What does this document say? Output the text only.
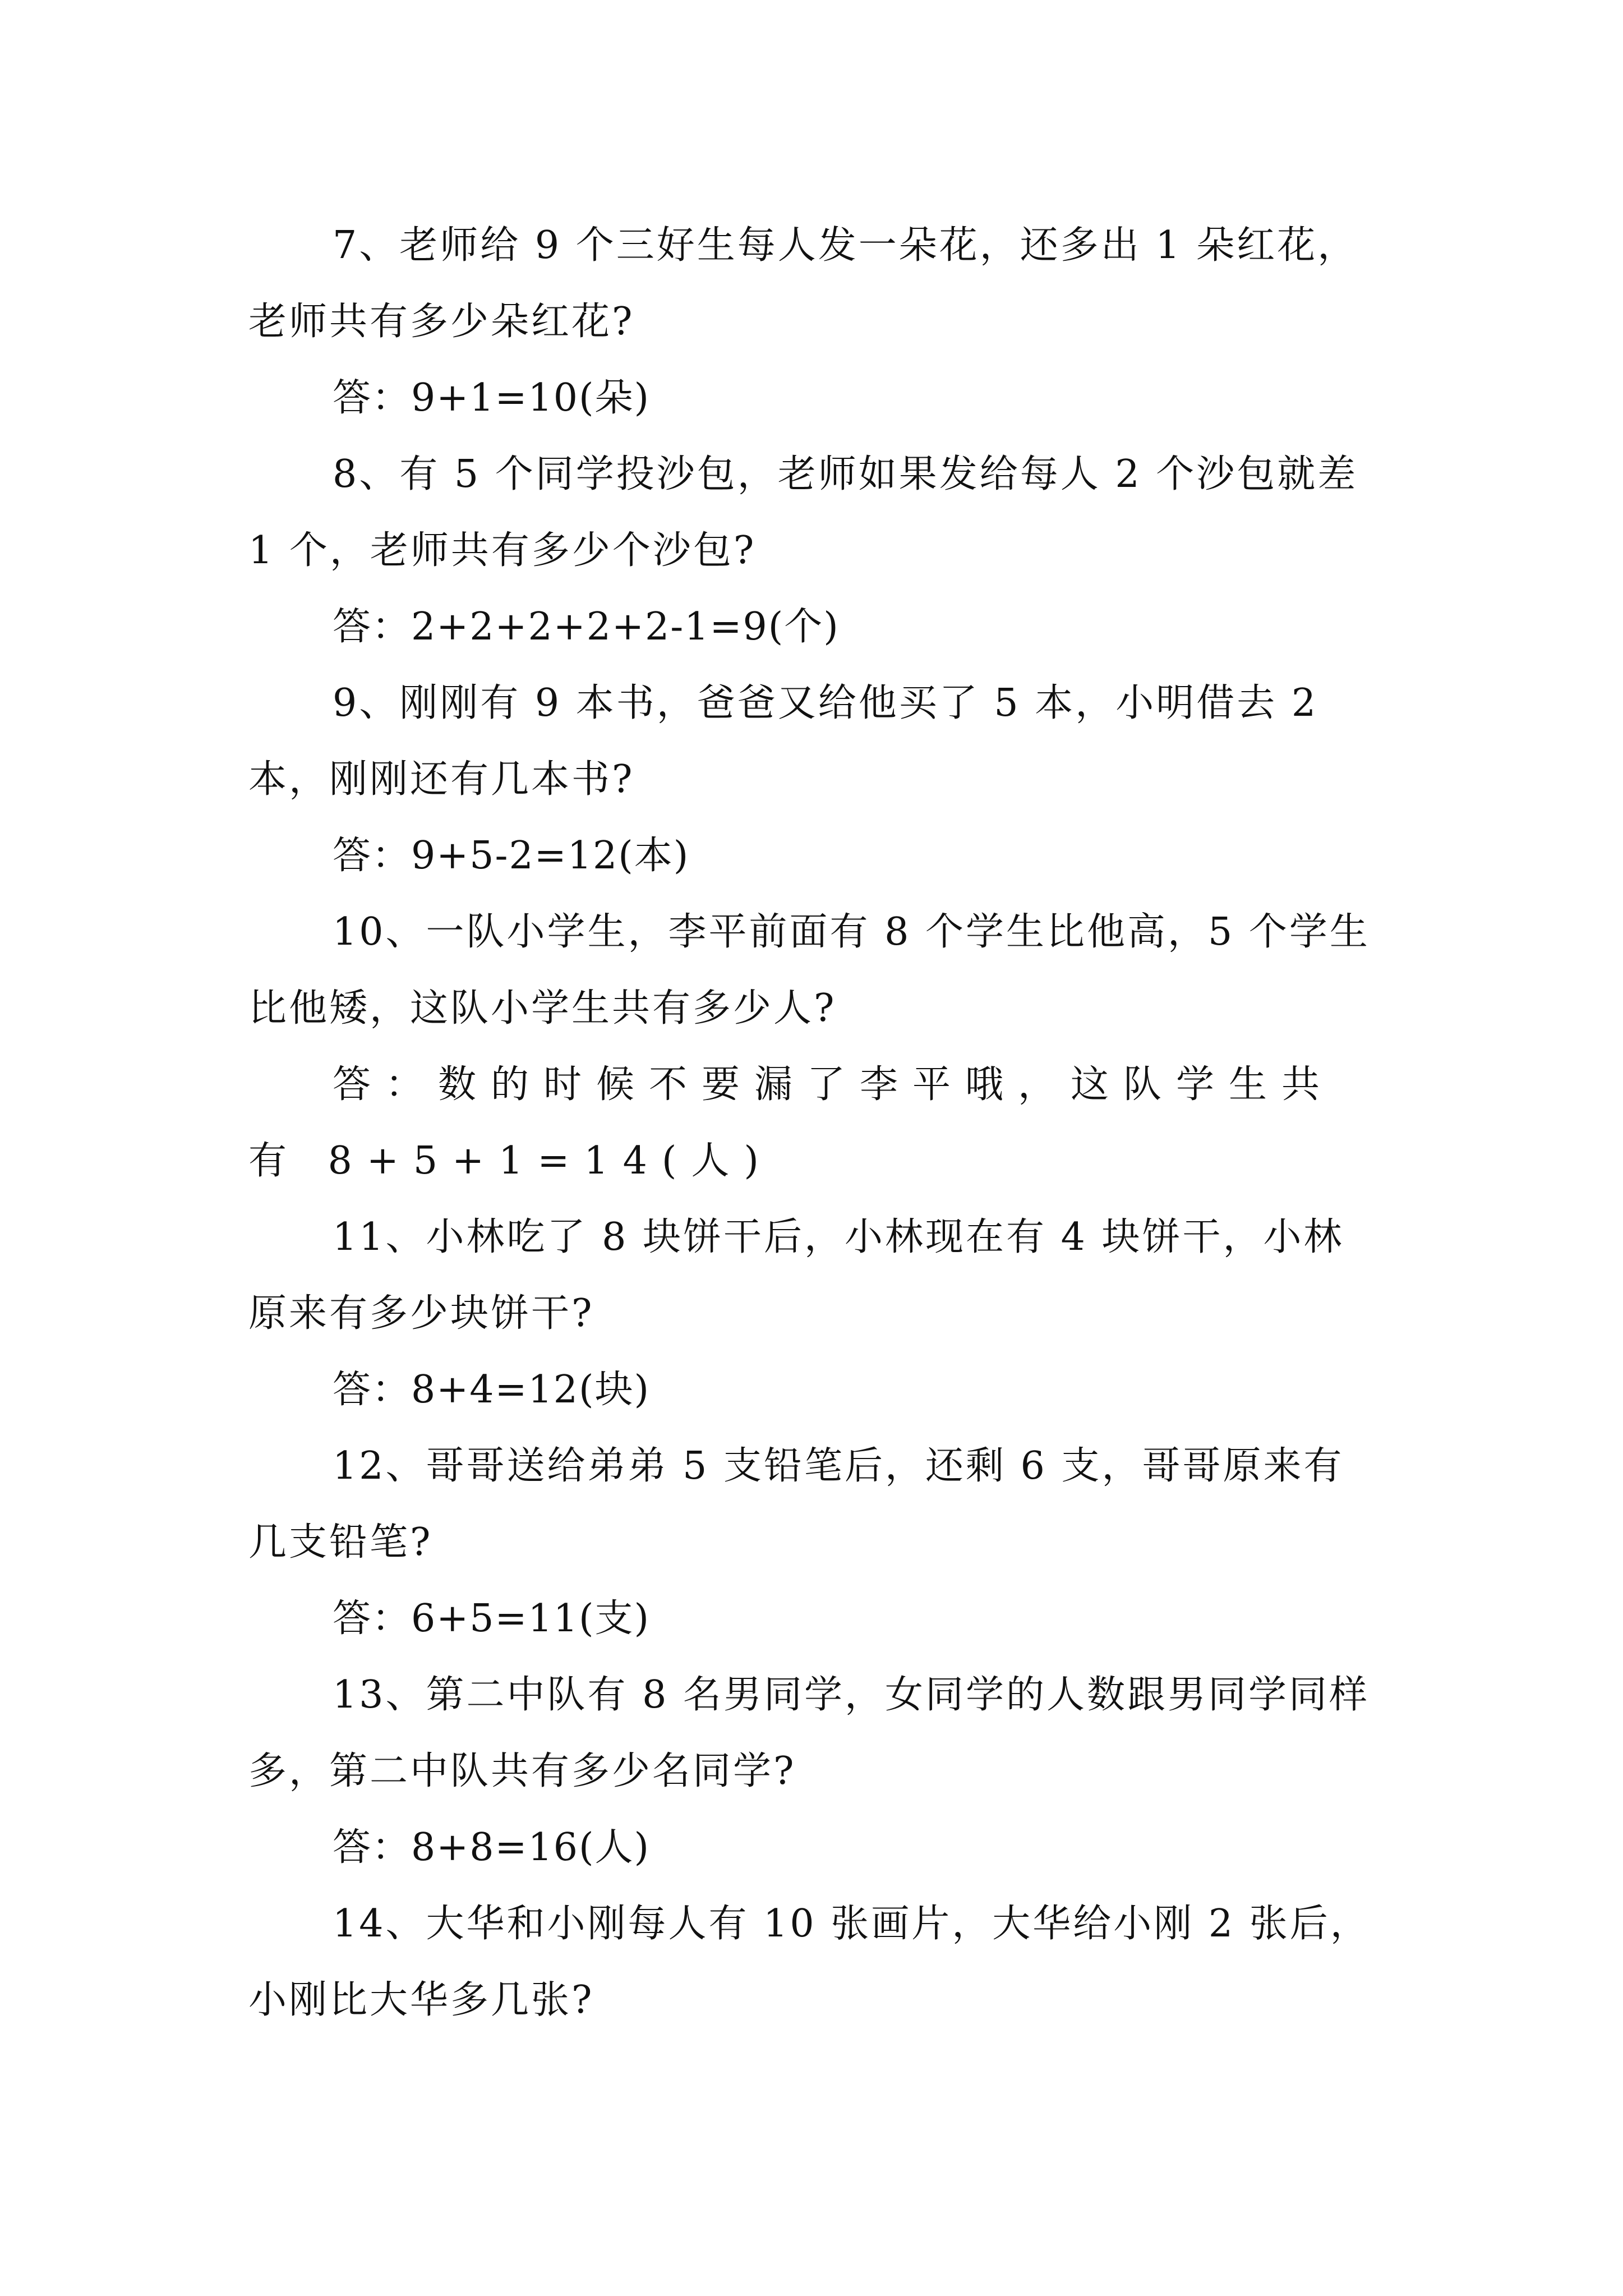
7、老师给 9 个三好生每人发一朵花，还多出 1 朵红花，老师共有多少朵红花?

答：9+1=10(朵)

8、有 5 个同学投沙包，老师如果发给每人 2 个沙包就差 1 个，老师共有多少个沙包?

答：2+2+2+2+2-1=9(个)

9、刚刚有 9 本书，爸爸又给他买了 5 本，小明借去 2 本，刚刚还有几本书?

答：9+5-2=12(本)

10、一队小学生，李平前面有 8 个学生比他高，5 个学生比他矮，这队小学生共有多少人?

答：数的时候不要漏了李平哦，这队学生共有 8+5+1=14(人)

11、小林吃了 8 块饼干后，小林现在有 4 块饼干，小林原来有多少块饼干?

答：8+4=12(块)

12、哥哥送给弟弟 5 支铅笔后，还剩 6 支，哥哥原来有几支铅笔?

答：6+5=11(支)

13、第二中队有 8 名男同学，女同学的人数跟男同学同样多，第二中队共有多少名同学?

答：8+8=16(人)

14、大华和小刚每人有 10 张画片，大华给小刚 2 张后，小刚比大华多几张?
